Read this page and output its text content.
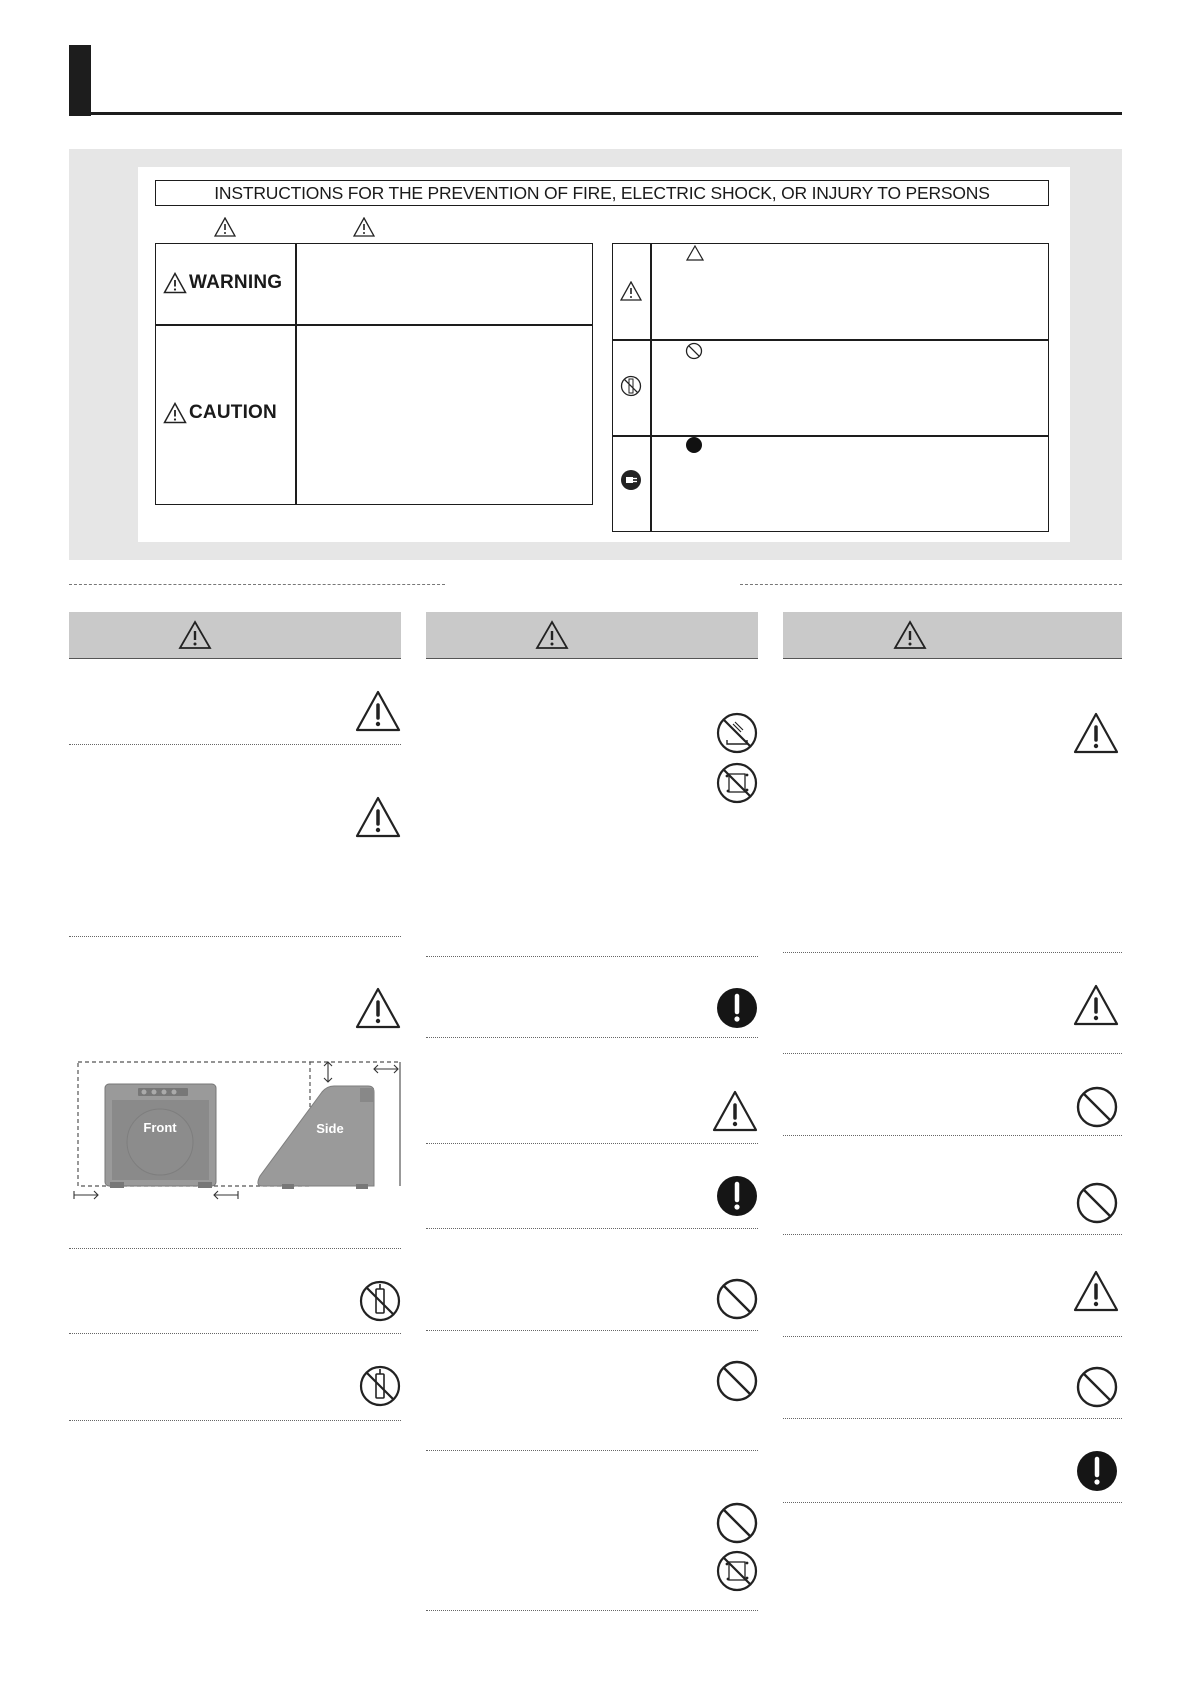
INSTRUCTIONS FOR THE PREVENTION OF FIRE, ELECTRIC SHOCK, OR INJURY TO PERSONS
WARNING
CAUTION
Front	Side
